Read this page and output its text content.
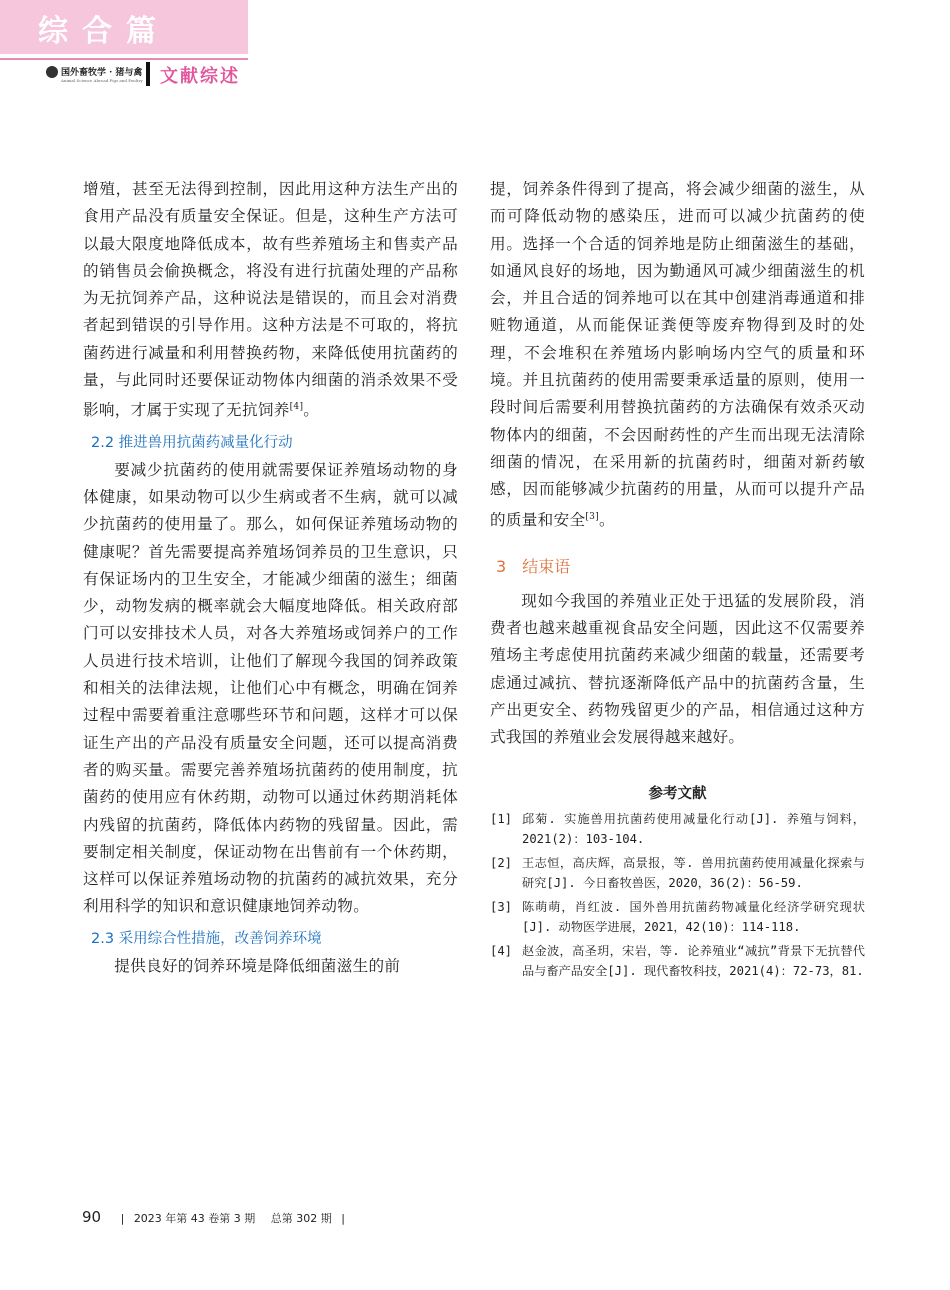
综合篇
国外畜牧学 · 猪与禽
Animal Science Abroad Pigs and Poultry 文献综述

增殖，甚至无法得到控制，因此用这种方法生产出的食用产品没有质量安全保证。但是，这种生产方法可以最大限度地降低成本，故有些养殖场主和售卖产品的销售员会偷换概念，将没有进行抗菌处理的产品称为无抗饲养产品，这种说法是错误的，而且会对消费者起到错误的引导作用。这种方法是不可取的，将抗菌药进行减量和利用替换药物，来降低使用抗菌药的量，与此同时还要保证动物体内细菌的消杀效果不受影响，才属于实现了无抗饲养[4]。

2.2 推进兽用抗菌药减量化行动

要减少抗菌药的使用就需要保证养殖场动物的身体健康，如果动物可以少生病或者不生病，就可以减少抗菌药的使用量了。那么，如何保证养殖场动物的健康呢？首先需要提高养殖场饲养员的卫生意识，只有保证场内的卫生安全，才能减少细菌的滋生；细菌少，动物发病的概率就会大幅度地降低。相关政府部门可以安排技术人员，对各大养殖场或饲养户的工作人员进行技术培训，让他们了解现今我国的饲养政策和相关的法律法规，让他们心中有概念，明确在饲养过程中需要着重注意哪些环节和问题，这样才可以保证生产出的产品没有质量安全问题，还可以提高消费者的购买量。需要完善养殖场抗菌药的使用制度，抗菌药的使用应有休药期，动物可以通过休药期消耗体内残留的抗菌药，降低体内药物的残留量。因此，需要制定相关制度，保证动物在出售前有一个休药期，这样可以保证养殖场动物的抗菌药的减抗效果，充分利用科学的知识和意识健康地饲养动物。

2.3 采用综合性措施，改善饲养环境

提供良好的饲养环境是降低细菌滋生的前

提，饲养条件得到了提高，将会减少细菌的滋生，从而可降低动物的感染压，进而可以减少抗菌药的使用。选择一个合适的饲养地是防止细菌滋生的基础，如通风良好的场地，因为勤通风可减少细菌滋生的机会，并且合适的饲养地可以在其中创建消毒通道和排赃物通道，从而能保证粪便等废弃物得到及时的处理，不会堆积在养殖场内影响场内空气的质量和环境。并且抗菌药的使用需要秉承适量的原则，使用一段时间后需要利用替换抗菌药的方法确保有效杀灭动物体内的细菌，不会因耐药性的产生而出现无法清除细菌的情况，在采用新的抗菌药时，细菌对新药敏感，因而能够减少抗菌药的用量，从而可以提升产品的质量和安全[3]。

3 结束语

现如今我国的养殖业正处于迅猛的发展阶段，消费者也越来越重视食品安全问题，因此这不仅需要养殖场主考虑使用抗菌药来减少细菌的载量，还需要考虑通过减抗、替抗逐渐降低产品中的抗菌药含量，生产出更安全、药物残留更少的产品，相信通过这种方式我国的养殖业会发展得越来越好。

参考文献
[1] 邱菊. 实施兽用抗菌药使用减量化行动[J]. 养殖与饲料，2021(2)：103-104.
[2] 王志恒，高庆辉，高景报，等. 兽用抗菌药使用减量化探索与研究[J]. 今日畜牧兽医，2020，36(2)：56-59.
[3] 陈萌萌，肖红波. 国外兽用抗菌药物减量化经济学研究现状[J]. 动物医学进展，2021，42(10)：114-118.
[4] 赵金波，高圣玥，宋岩，等. 论养殖业“减抗”背景下无抗替代品与畜产品安全[J]. 现代畜牧科技，2021(4)：72-73，81.
90 | 2023 年第 43 卷第 3 期 总第 302 期 |
